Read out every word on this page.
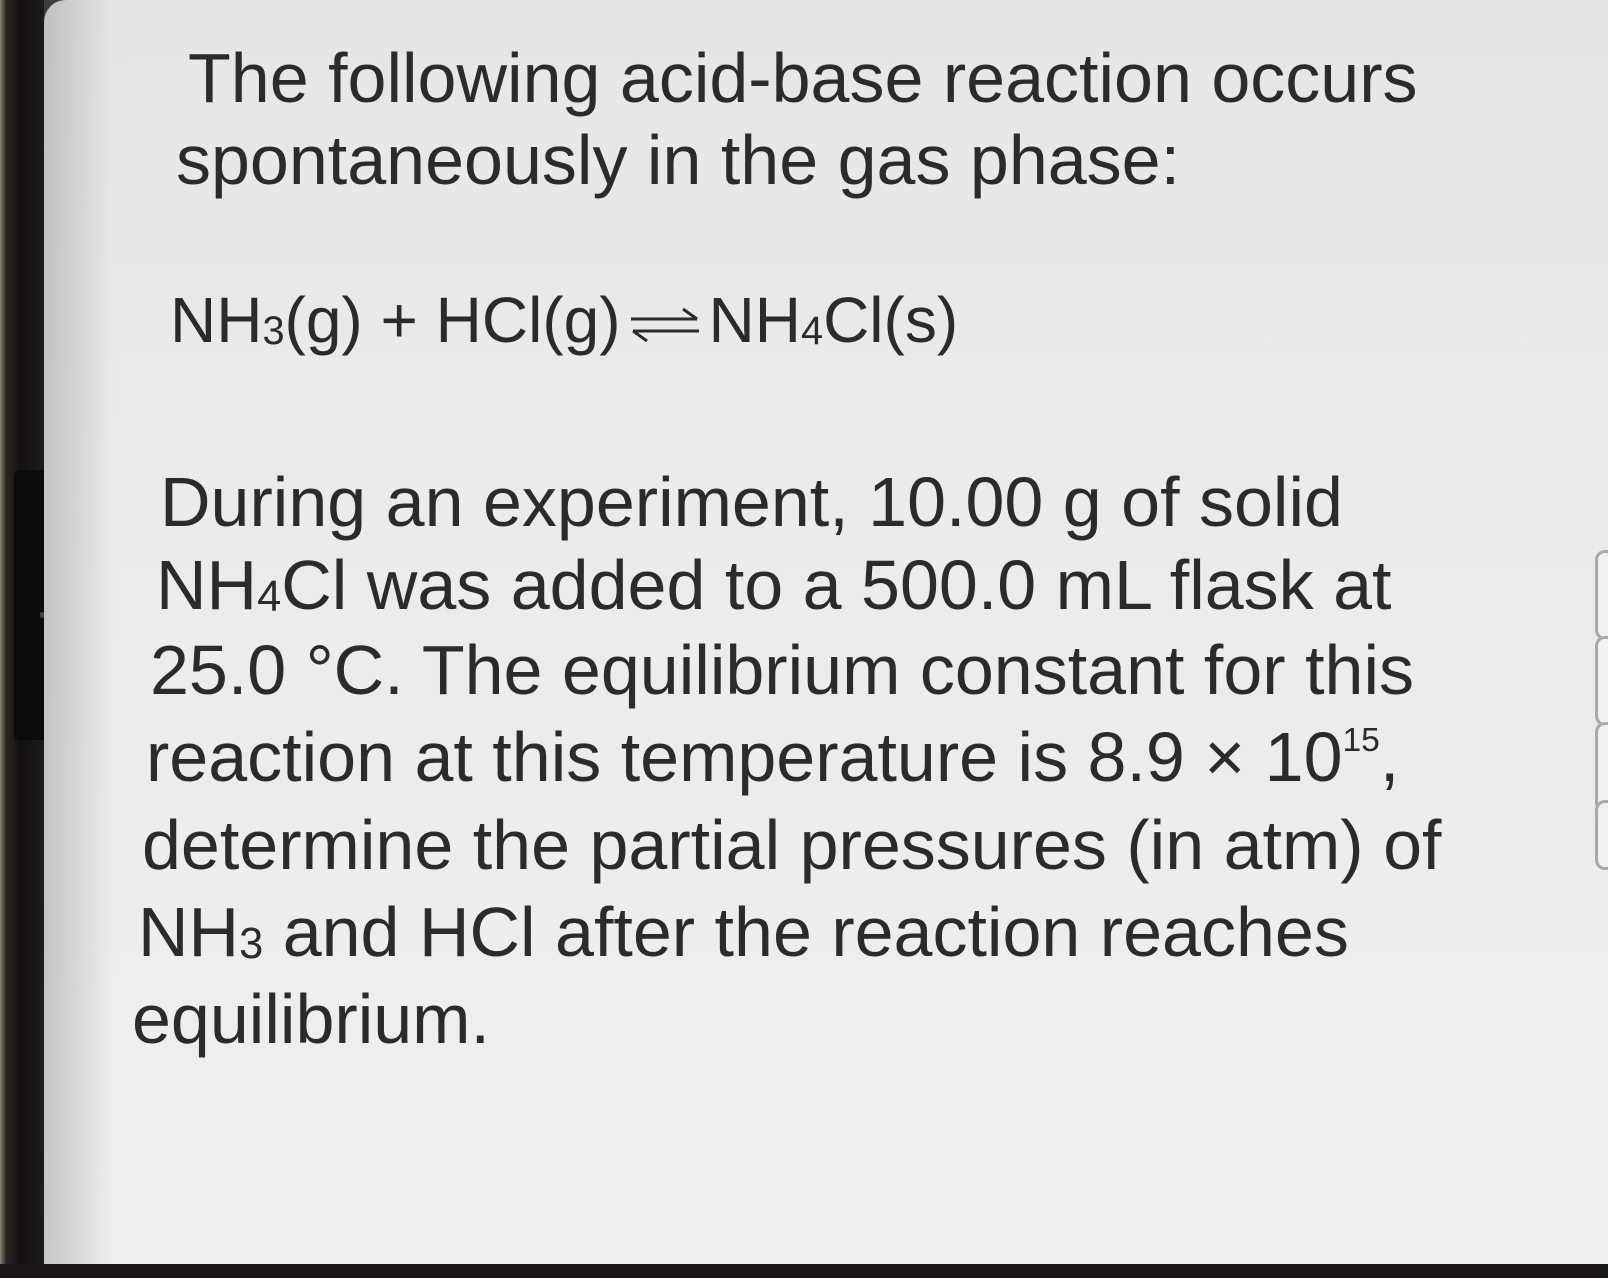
The following acid-base reaction occurs
spontaneously in the gas phase:
$NH_3(g) + HCl(g)$ ⇌ $NH_4Cl(s)$
During an experiment, 10.00 g of solid
$NH_4Cl$ was added to a 500.0 mL flask at
25.0 °C. The equilibrium constant for this
reaction at this temperature is $8.9 \times 10^{15}$,
determine the partial pressures (in atm) of
$NH_3$ and HCl after the reaction reaches
equilibrium.
